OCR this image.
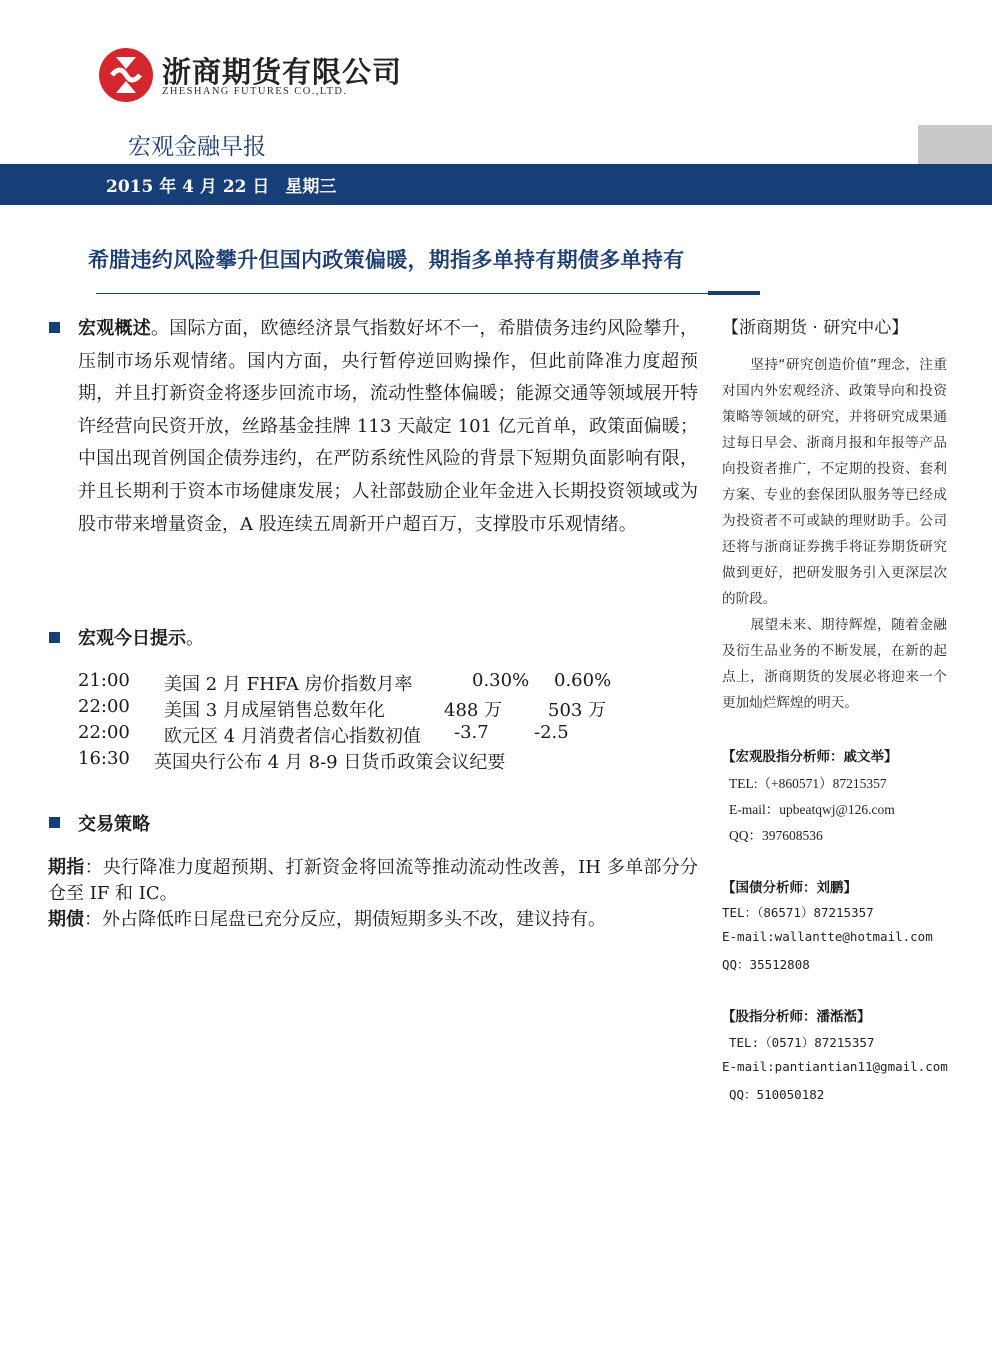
浙商期货有限公司
ZHESHANG FUTURES CO.,LTD.
宏观金融早报
2015 年 4 月 22 日 星期三
希腊违约风险攀升但国内政策偏暖，期指多单持有期债多单持有
宏观概述。国际方面，欧德经济景气指数好坏不一，希腊债务违约风险攀升，压制市场乐观情绪。国内方面，央行暂停逆回购操作，但此前降准力度超预期，并且打新资金将逐步回流市场，流动性整体偏暖；能源交通等领域展开特许经营向民资开放，丝路基金挂牌 113 天敲定 101 亿元首单，政策面偏暖；中国出现首例国企债券违约，在严防系统性风险的背景下短期负面影响有限，并且长期利于资本市场健康发展；人社部鼓励企业年金进入长期投资领域或为股市带来增量资金，A 股连续五周新开户超百万，支撑股市乐观情绪。
宏观今日提示。
21:00 美国 2 月 FHFA 房价指数月率	0.30% 0.60%
22:00 美国 3 月成屋销售总数年化	488 万	503 万
22:00 欧元区 4 月消费者信心指数初值 -3.7	-2.5
16:30 英国央行公布 4 月 8-9 日货币政策会议纪要
交易策略
期指：央行降准力度超预期、打新资金将回流等推动流动性改善，IH 多单部分分仓至 IF 和 IC。
期债：外占降低昨日尾盘已充分反应，期债短期多头不改，建议持有。
【浙商期货 · 研究中心】
坚持“研究创造价值”理念，注重对国内外宏观经济、政策导向和投资策略等领域的研究，并将研究成果通过每日早会、浙商月报和年报等产品向投资者推广，不定期的投资、套利方案、专业的套保团队服务等已经成为投资者不可或缺的理财助手。公司还将与浙商证券携手将证券期货研究做到更好，把研发服务引入更深层次的阶段。
展望未来、期待辉煌，随着金融及衍生品业务的不断发展，在新的起点上，浙商期货的发展必将迎来一个更加灿烂辉煌的明天。
【宏观股指分析师：戚文举】
TEL:（+860571）87215357
E-mail：upbeatqwj@126.com
QQ：397608536
【国债分析师：刘鹏】
TEL：（86571）87215357
E-mail:wallantte@hotmail.com
QQ：35512808
【股指分析师：潘湉湉】
TEL:（0571）87215357
E-mail:pantiantian11@gmail.com
QQ：510050182
